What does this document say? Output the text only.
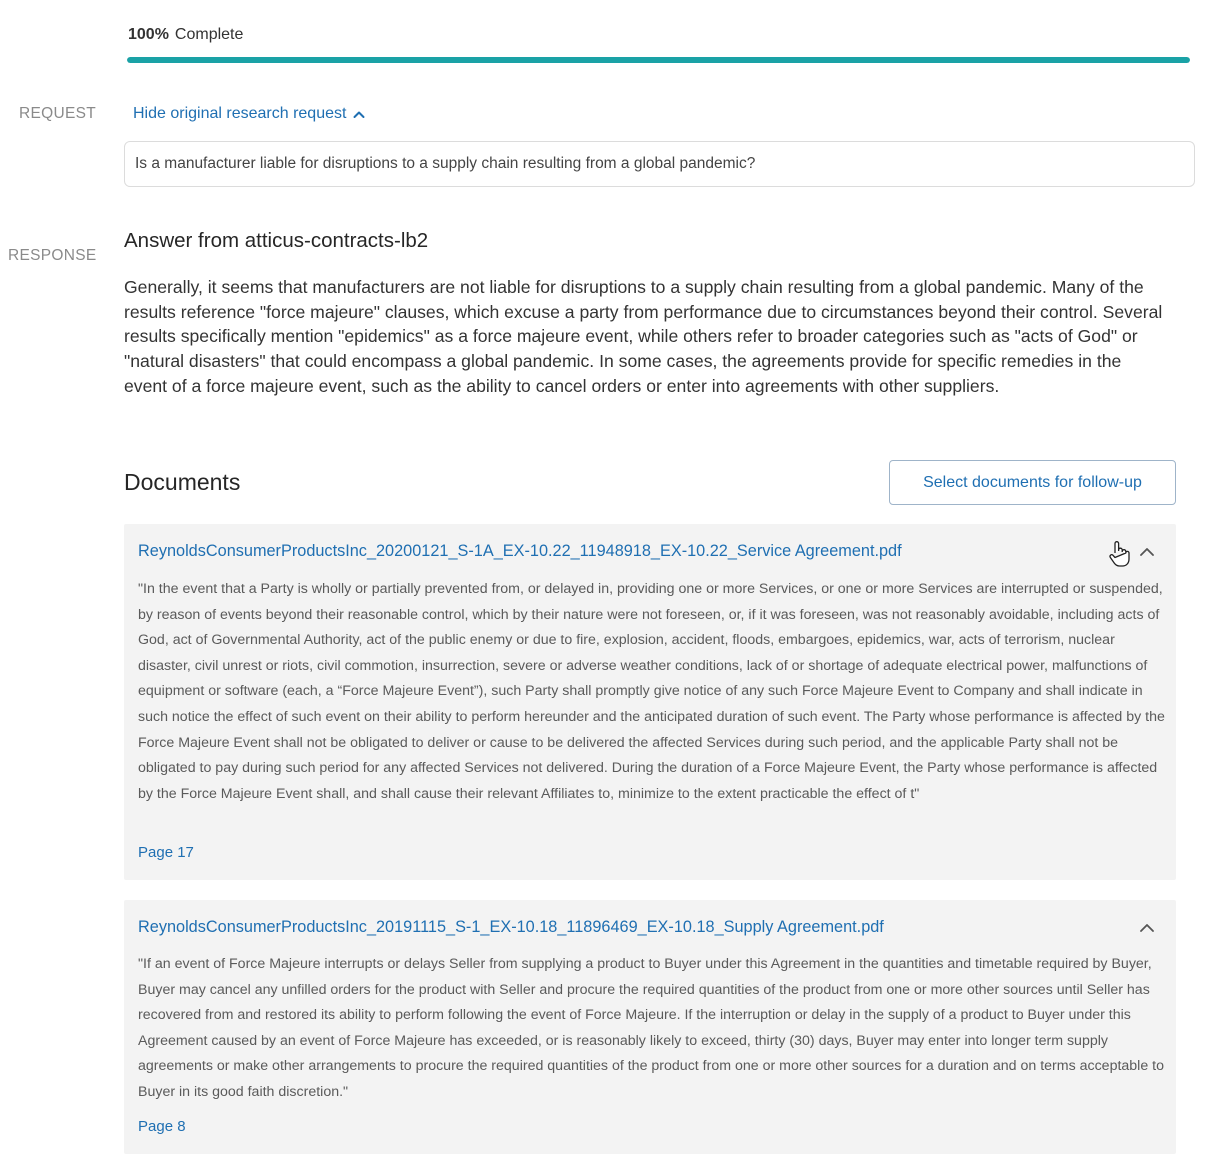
100% Complete
REQUEST Hide original research request
Is a manufacturer liable for disruptions to a supply chain resulting from a global pandemic?
RESPONSE
Answer from atticus-contracts-lb2
Generally, it seems that manufacturers are not liable for disruptions to a supply chain resulting from a global pandemic. Many of the results reference "force majeure" clauses, which excuse a party from performance due to circumstances beyond their control. Several results specifically mention "epidemics" as a force majeure event, while others refer to broader categories such as "acts of God" or "natural disasters" that could encompass a global pandemic. In some cases, the agreements provide for specific remedies in the event of a force majeure event, such as the ability to cancel orders or enter into agreements with other suppliers.
Documents	Select documents for follow-up
ReynoldsConsumerProductsInc_20200121_S-1A_EX-10.22_11948918_EX-10.22_Service Agreement.pdf
"In the event that a Party is wholly or partially prevented from, or delayed in, providing one or more Services, or one or more Services are interrupted or suspended, by reason of events beyond their reasonable control, which by their nature were not foreseen, or, if it was foreseen, was not reasonably avoidable, including acts of God, act of Governmental Authority, act of the public enemy or due to fire, explosion, accident, floods, embargoes, epidemics, war, acts of terrorism, nuclear disaster, civil unrest or riots, civil commotion, insurrection, severe or adverse weather conditions, lack of or shortage of adequate electrical power, malfunctions of equipment or software (each, a “Force Majeure Event”), such Party shall promptly give notice of any such Force Majeure Event to Company and shall indicate in such notice the effect of such event on their ability to perform hereunder and the anticipated duration of such event. The Party whose performance is affected by the Force Majeure Event shall not be obligated to deliver or cause to be delivered the affected Services during such period, and the applicable Party shall not be obligated to pay during such period for any affected Services not delivered. During the duration of a Force Majeure Event, the Party whose performance is affected by the Force Majeure Event shall, and shall cause their relevant Affiliates to, minimize to the extent practicable the effect of t"
Page 17
ReynoldsConsumerProductsInc_20191115_S-1_EX-10.18_11896469_EX-10.18_Supply Agreement.pdf
"If an event of Force Majeure interrupts or delays Seller from supplying a product to Buyer under this Agreement in the quantities and timetable required by Buyer, Buyer may cancel any unfilled orders for the product with Seller and procure the required quantities of the product from one or more other sources until Seller has recovered from and restored its ability to perform following the event of Force Majeure. If the interruption or delay in the supply of a product to Buyer under this Agreement caused by an event of Force Majeure has exceeded, or is reasonably likely to exceed, thirty (30) days, Buyer may enter into longer term supply agreements or make other arrangements to procure the required quantities of the product from one or more other sources for a duration and on terms acceptable to Buyer in its good faith discretion."
Page 8
